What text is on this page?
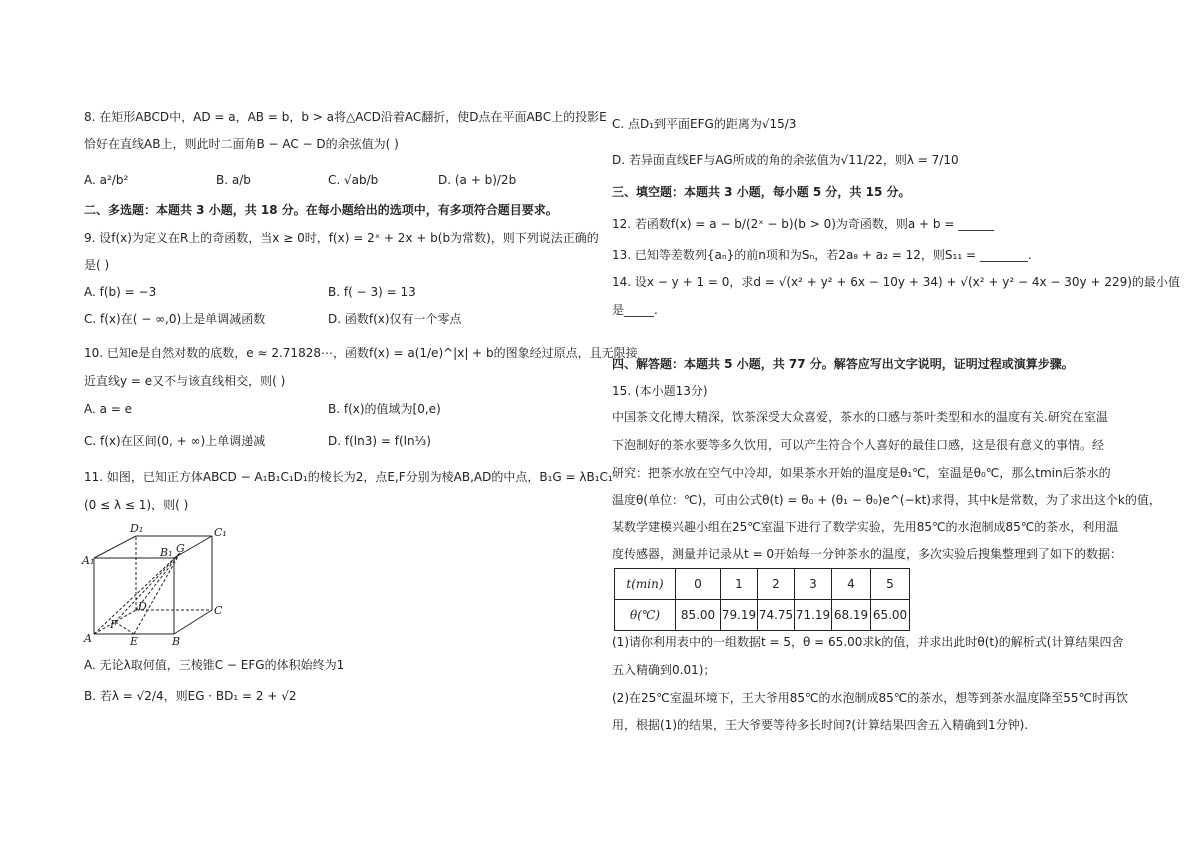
8. 在矩形ABCD中，AD = a，AB = b，b > a将△ACD沿着AC翻折，使D点在平面ABC上的投影E
恰好在直线AB上，则此时二面角B − AC − D的余弦值为( )
A. a²/b²	B. a/b	C. √ab/b	D. (a + b)/2b
二、多选题：本题共 3 小题，共 18 分。在每小题给出的选项中，有多项符合题目要求。
9. 设f(x)为定义在R上的奇函数，当x ≥ 0时，f(x) = 2ˣ + 2x + b(b为常数)，则下列说法正确的
是( )
A. f(b) = −3	B. f( − 3) = 13
C. f(x)在( − ∞,0)上是单调减函数	D. 函数f(x)仅有一个零点
10. 已知e是自然对数的底数，e ≈ 2.71828⋯，函数f(x) = a(1/e)^|x| + b的图象经过原点，且无限接
近直线y = e又不与该直线相交，则( )
A. a = e	B. f(x)的值域为[0,e)
C. f(x)在区间(0, + ∞)上单调递减	D. f(ln3) = f(ln⅓)
11. 如图，已知正方体ABCD − A₁B₁C₁D₁的棱长为2，点E,F分别为棱AB,AD的中点，B₁G = λB₁C₁
(0 ≤ λ ≤ 1)，则( )
D₁	C₁
A₁
B₁ G
D	C
F
A	E	B
A. 无论λ取何值，三棱锥C − EFG的体积始终为1
B. 若λ = √2/4，则EG · BD₁ = 2 + √2
C. 点D₁到平面EFG的距离为√15/3
D. 若异面直线EF与AG所成的角的余弦值为√11/22，则λ = 7/10
三、填空题：本题共 3 小题，每小题 5 分，共 15 分。
12. 若函数f(x) = a − b/(2ˣ − b)(b > 0)为奇函数，则a + b = ______
13. 已知等差数列{aₙ}的前n项和为Sₙ，若2a₈ + a₂ = 12，则S₁₁ = ________.
14. 设x − y + 1 = 0，求d = √(x² + y² + 6x − 10y + 34) + √(x² + y² − 4x − 30y + 229)的最小值
是_____.
四、解答题：本题共 5 小题，共 77 分。解答应写出文字说明，证明过程或演算步骤。
15. (本小题13分)
中国茶文化博大精深，饮茶深受大众喜爱，茶水的口感与茶叶类型和水的温度有关.研究在室温
下泡制好的茶水要等多久饮用，可以产生符合个人喜好的最佳口感，这是很有意义的事情。经
研究：把茶水放在空气中冷却，如果茶水开始的温度是θ₁℃，室温是θ₀℃，那么tmin后茶水的
温度θ(单位：℃)，可由公式θ(t) = θ₀ + (θ₁ − θ₀)e^(−kt)求得，其中k是常数，为了求出这个k的值，
某数学建模兴趣小组在25℃室温下进行了数学实验，先用85℃的水泡制成85℃的茶水，利用温
度传感器，测量并记录从t = 0开始每一分钟茶水的温度，多次实验后搜集整理到了如下的数据：
t(min)	0	1	2	3	4	5
θ(℃)	85.00	79.19	74.75	71.19	68.19	65.00
(1)请你利用表中的一组数据t = 5，θ = 65.00求k的值，并求出此时θ(t)的解析式(计算结果四舍
五入精确到0.01)；
(2)在25℃室温环境下，王大爷用85℃的水泡制成85℃的茶水，想等到茶水温度降至55℃时再饮
用，根据(1)的结果，王大爷要等待多长时间?(计算结果四舍五入精确到1分钟).
